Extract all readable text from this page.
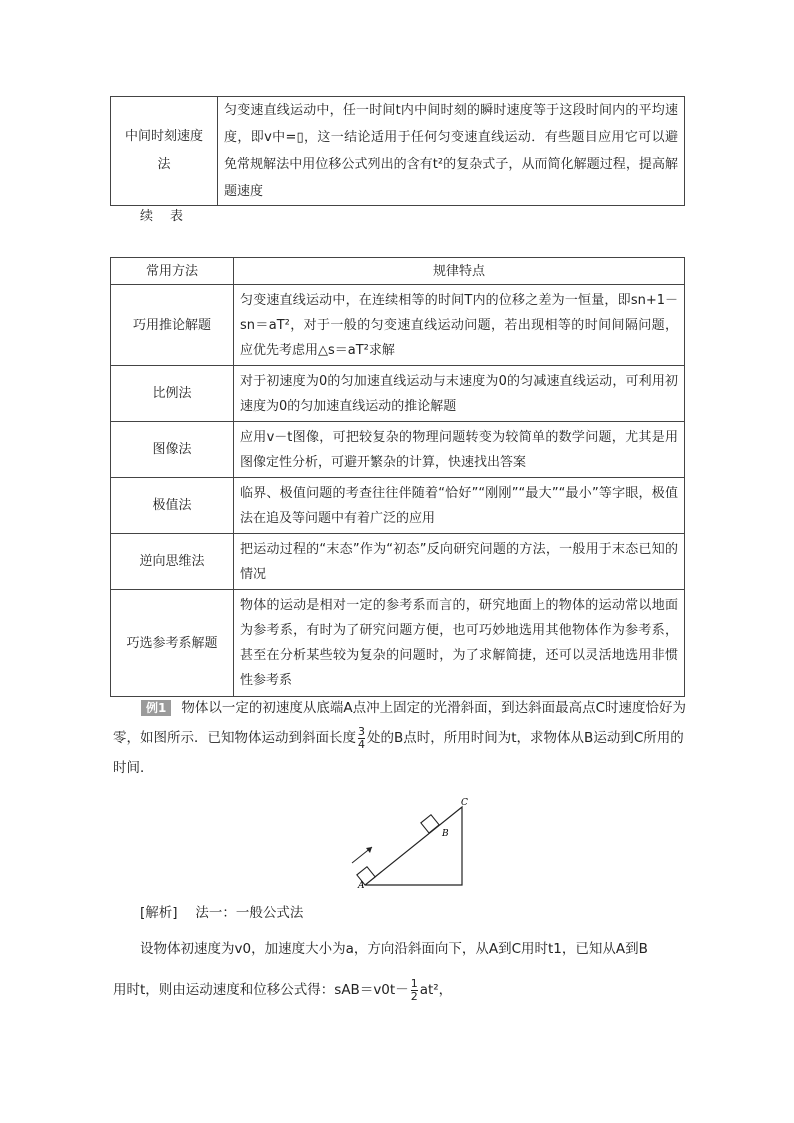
中间时刻速度法	匀变速直线运动中，任一时间t内中间时刻的瞬时速度等于这段时间内的平均速度，即v中=▯，这一结论适用于任何匀变速直线运动．有些题目应用它可以避免常规解法中用位移公式列出的含有t²的复杂式子，从而简化解题过程，提高解题速度
续　表
常用方法	规律特点
巧用推论解题	匀变速直线运动中，在连续相等的时间T内的位移之差为一恒量，即sn+1－sn＝aT²，对于一般的匀变速直线运动问题，若出现相等的时间间隔问题，应优先考虑用△s＝aT²求解
比例法	对于初速度为0的匀加速直线运动与末速度为0的匀减速直线运动，可利用初速度为0的匀加速直线运动的推论解题
图像法	应用v－t图像，可把较复杂的物理问题转变为较简单的数学问题，尤其是用图像定性分析，可避开繁杂的计算，快速找出答案
极值法	临界、极值问题的考查往往伴随着“恰好”“刚刚”“最大”“最小”等字眼，极值法在追及等问题中有着广泛的应用
逆向思维法	把运动过程的“末态”作为“初态”反向研究问题的方法，一般用于末态已知的情况
巧选参考系解题	物体的运动是相对一定的参考系而言的，研究地面上的物体的运动常以地面为参考系，有时为了研究问题方便，也可巧妙地选用其他物体作为参考系，甚至在分析某些较为复杂的问题时，为了求解简捷，还可以灵活地选用非惯性参考系
例1 物体以一定的初速度从底端A点冲上固定的光滑斜面，到达斜面最高点C时速度恰好为零，如图所示．已知物体运动到斜面长度 $\frac{3}{4}$ 处的B点时，所用时间为t，求物体从B运动到C所用的时间．
A
B
C
[解析]　 法一：一般公式法
设物体初速度为v0，加速度大小为a，方向沿斜面向下，从A到C用时t1，已知从A到B
用时t，则由运动速度和位移公式得：$sAB=v0t- \frac{1}{2} at^2$，
